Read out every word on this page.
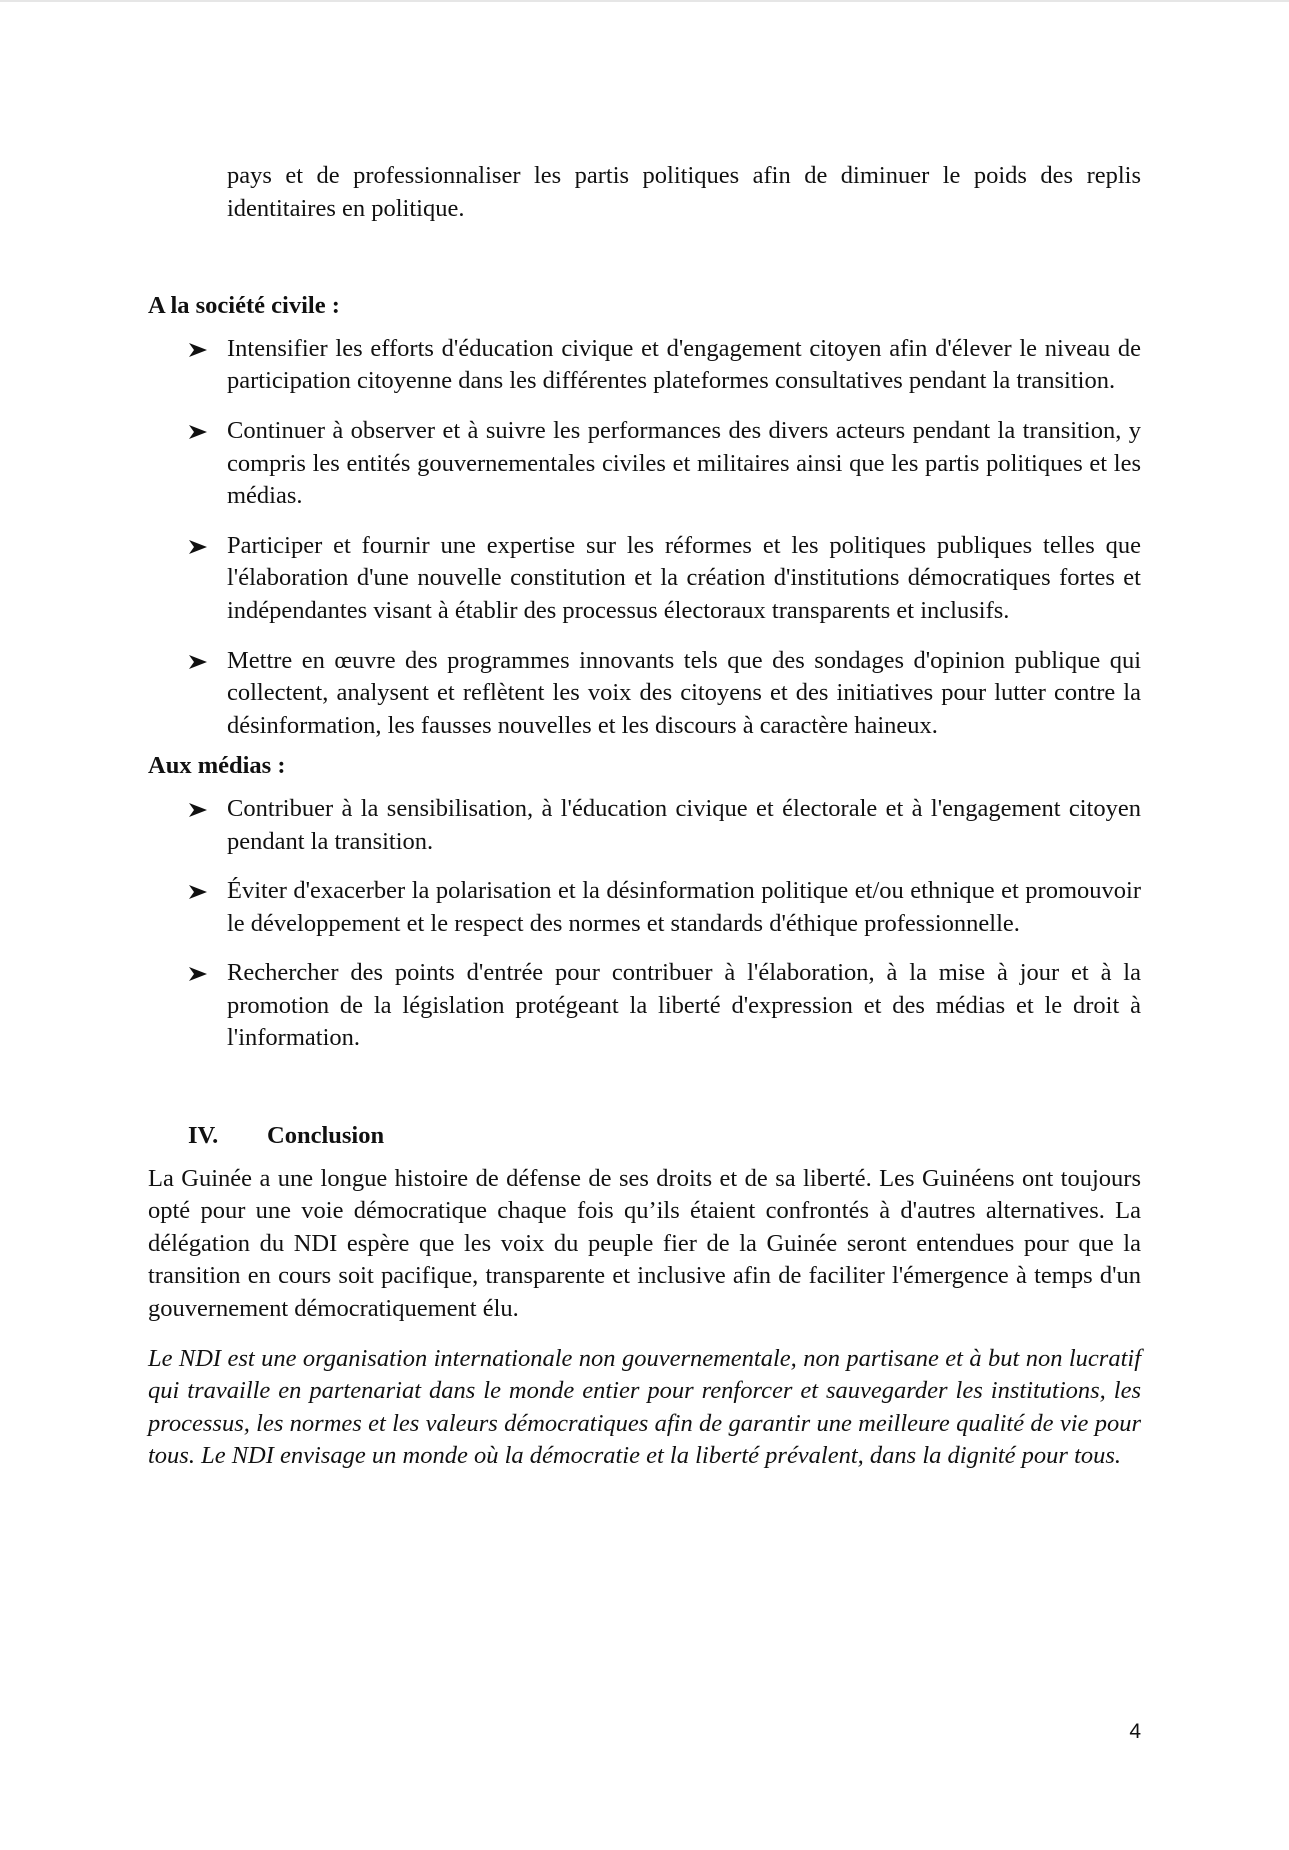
pays et de professionnaliser les partis politiques afin de diminuer le poids des replis identitaires en politique.

A la société civile :

Intensifier les efforts d'éducation civique et d'engagement citoyen afin d'élever le niveau de participation citoyenne dans les différentes plateformes consultatives pendant la transition.
Continuer à observer et à suivre les performances des divers acteurs pendant la transition, y compris les entités gouvernementales civiles et militaires ainsi que les partis politiques et les médias.
Participer et fournir une expertise sur les réformes et les politiques publiques telles que l'élaboration d'une nouvelle constitution et la création d'institutions démocratiques fortes et indépendantes visant à établir des processus électoraux transparents et inclusifs.
Mettre en œuvre des programmes innovants tels que des sondages d'opinion publique qui collectent, analysent et reflètent les voix des citoyens et des initiatives pour lutter contre la désinformation, les fausses nouvelles et les discours à caractère haineux.

Aux médias :

Contribuer à la sensibilisation, à l'éducation civique et électorale et à l'engagement citoyen pendant la transition.
Éviter d'exacerber la polarisation et la désinformation politique et/ou ethnique et promouvoir le développement et le respect des normes et standards d'éthique professionnelle.
Rechercher des points d'entrée pour contribuer à l'élaboration, à la mise à jour et à la promotion de la législation protégeant la liberté d'expression et des médias et le droit à l'information.
IV. Conclusion

La Guinée a une longue histoire de défense de ses droits et de sa liberté. Les Guinéens ont toujours opté pour une voie démocratique chaque fois qu’ils étaient confrontés à d'autres alternatives. La délégation du NDI espère que les voix du peuple fier de la Guinée seront entendues pour que la transition en cours soit pacifique, transparente et inclusive afin de faciliter l'émergence à temps d'un gouvernement démocratiquement élu.

Le NDI est une organisation internationale non gouvernementale, non partisane et à but non lucratif qui travaille en partenariat dans le monde entier pour renforcer et sauvegarder les institutions, les processus, les normes et les valeurs démocratiques afin de garantir une meilleure qualité de vie pour tous. Le NDI envisage un monde où la démocratie et la liberté prévalent, dans la dignité pour tous.

4
